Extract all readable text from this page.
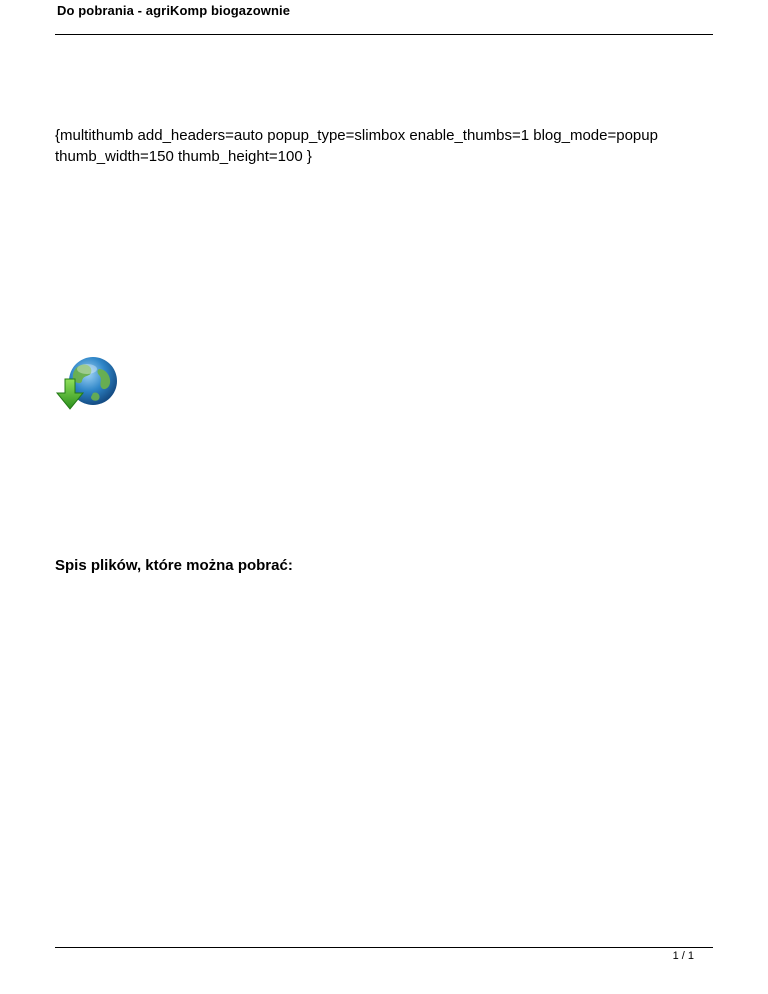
Do pobrania - agriKomp biogazownie
{multithumb add_headers=auto popup_type=slimbox enable_thumbs=1 blog_mode=popup
thumb_width=150 thumb_height=100 }
Spis plików, które można pobrać:
1 / 1
